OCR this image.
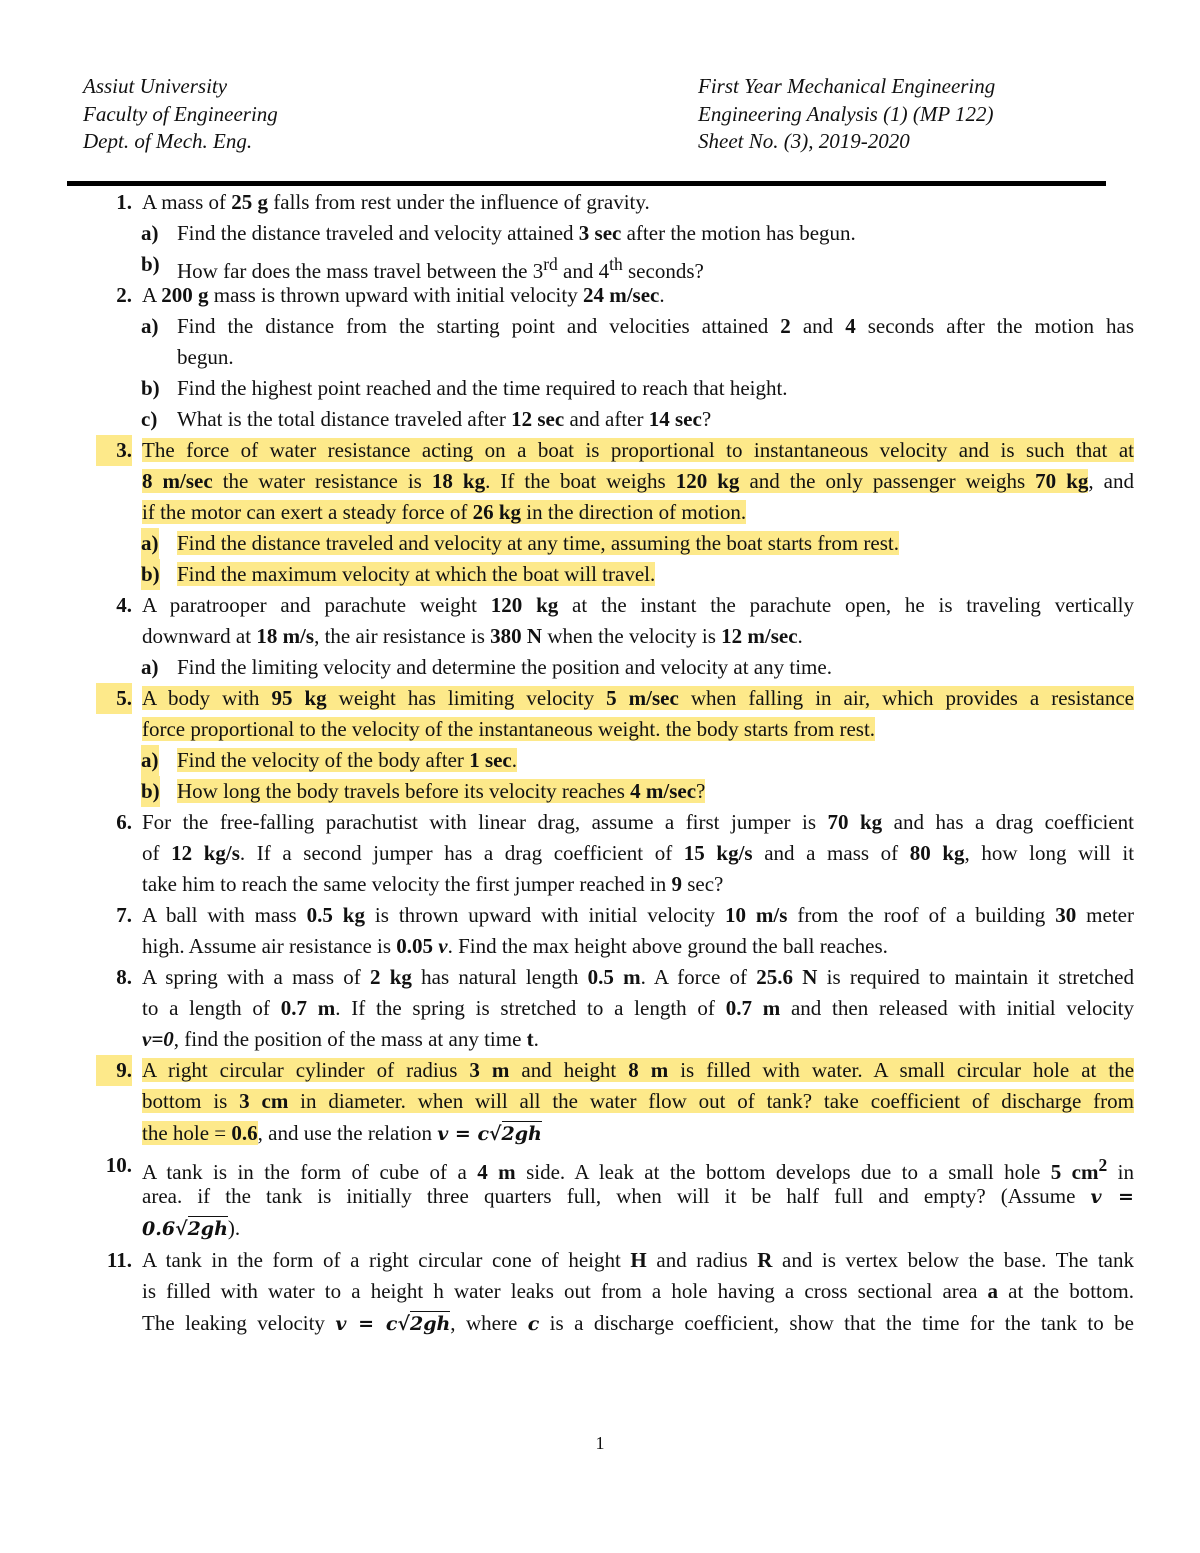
Assiut University
Faculty of Engineering
Dept. of Mech. Eng.
First Year Mechanical Engineering
Engineering Analysis (1) (MP 122)
Sheet No. (3), 2019-2020
1. A mass of 25 g falls from rest under the influence of gravity.
a) Find the distance traveled and velocity attained 3 sec after the motion has begun.
b) How far does the mass travel between the 3rd and 4th seconds?
2. A 200 g mass is thrown upward with initial velocity 24 m/sec.
a) Find the distance from the starting point and velocities attained 2 and 4 seconds after the motion has
begun.
b) Find the highest point reached and the time required to reach that height.
c) What is the total distance traveled after 12 sec and after 14 sec?
3. The force of water resistance acting on a boat is proportional to instantaneous velocity and is such that at
8 m/sec the water resistance is 18 kg. If the boat weighs 120 kg and the only passenger weighs 70 kg, and
if the motor can exert a steady force of 26 kg in the direction of motion.
a) Find the distance traveled and velocity at any time, assuming the boat starts from rest.
b) Find the maximum velocity at which the boat will travel.
4. A paratrooper and parachute weight 120 kg at the instant the parachute open, he is traveling vertically
downward at 18 m/s, the air resistance is 380 N when the velocity is 12 m/sec.
a) Find the limiting velocity and determine the position and velocity at any time.
5. A body with 95 kg weight has limiting velocity 5 m/sec when falling in air, which provides a resistance
force proportional to the velocity of the instantaneous weight. the body starts from rest.
a) Find the velocity of the body after 1 sec.
b) How long the body travels before its velocity reaches 4 m/sec?
6. For the free-falling parachutist with linear drag, assume a first jumper is 70 kg and has a drag coefficient
of 12 kg/s. If a second jumper has a drag coefficient of 15 kg/s and a mass of 80 kg, how long will it
take him to reach the same velocity the first jumper reached in 9 sec?
7. A ball with mass 0.5 kg is thrown upward with initial velocity 10 m/s from the roof of a building 30 meter
high. Assume air resistance is 0.05 v. Find the max height above ground the ball reaches.
8. A spring with a mass of 2 kg has natural length 0.5 m. A force of 25.6 N is required to maintain it stretched
to a length of 0.7 m. If the spring is stretched to a length of 0.7 m and then released with initial velocity
v=0, find the position of the mass at any time t.
9. A right circular cylinder of radius 3 m and height 8 m is filled with water. A small circular hole at the
bottom is 3 cm in diameter. when will all the water flow out of tank? take coefficient of discharge from
the hole = 0.6, and use the relation v = c√2gh
10. A tank is in the form of cube of a 4 m side. A leak at the bottom develops due to a small hole 5 $cm^2$ in
area. if the tank is initially three quarters full, when will it be half full and empty? (Assume v =
0.6√2gh).
11. A tank in the form of a right circular cone of height H and radius R and is vertex below the base. The tank
is filled with water to a height h water leaks out from a hole having a cross sectional area a at the bottom.
The leaking velocity v = c√2gh, where c is a discharge coefficient, show that the time for the tank to be
1
